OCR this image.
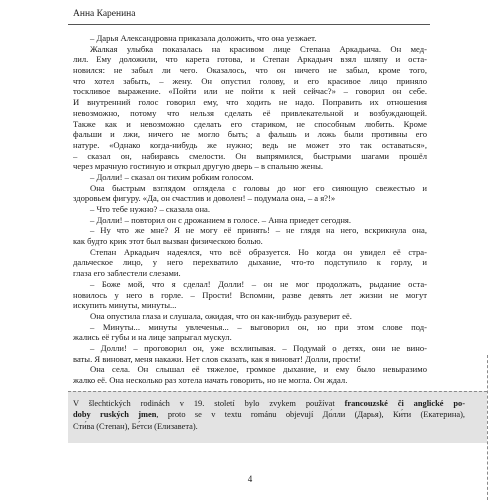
Анна Каренина
– Дарья Александровна приказала доложить, что она уезжает.
Жалкая улыбка показалась на красивом лице Степана Аркадьича. Он мед-
лил. Ему доложили, что карета готова, и Степан Аркадьич взял шляпу и оста-
новился: не забыл ли чего. Оказалось, что он ничего не забыл, кроме того,
что хотел забыть, – жену. Он опустил голову, и его красивое лицо приняло
тоскливое выражение. «Пойти или не пойти к ней сейчас?» – говорил он себе.
И внутренний голос говорил ему, что ходить не надо. Поправить их отношения
невозможно, потому что нельзя сделать её привлекательной и возбуждающей.
Также как и невозможно сделать его стариком, не способным любить. Кроме
фальши и лжи, ничего не могло быть; а фальшь и ложь были противны его
натуре. «Однако когда-нибудь же нужно; ведь не может это так оставаться»,
– сказал он, набираясь смелости. Он выпрямился, быстрыми шагами прошёл
через мрачную гостиную и открыл другую дверь – в спальню жены.
– Долли! – сказал он тихим робким голосом.
Она быстрым взглядом оглядела с головы до ног его сияющую свежестью и
здоровьем фигуру. «Да, он счастлив и доволен! – подумала она, – а я?!»
– Что тебе нужно? – сказала она.
– Долли! – повторил он с дрожанием в голосе. – Анна приедет сегодня.
– Ну что же мне? Я не могу её принять! – не глядя на него, вскрикнула она,
как будто крик этот был вызван физическою болью.
Степан Аркадьич надеялся, что всё образуется. Но когда он увидел её стра-
дальческое лицо, у него перехватило дыхание, что-то подступило к горлу, и
глаза его заблестели слезами.
– Боже мой, что я сделал! Долли! – он не мог продолжать, рыдание оста-
новилось у него в горле. – Прости! Вспомни, разве девять лет жизни не могут
искупить минуты, минуты...
Она опустила глаза и слушала, ожидая, что он как-нибудь разуверит её.
– Минуты... минуты увлеченья... – выговорил он, но при этом слове под-
жались её губы и на лице запрыгал мускул.
– Долли! – проговорил он, уже всхлипывая. – Подумай о детях, они не вино-
ваты. Я виноват, меня накажи. Нет слов сказать, как я виноват! Долли, прости!
Она села. Он слышал её тяжелое, громкое дыхание, и ему было невыразимо
жалко её. Она несколько раз хотела начать говорить, но не могла. Он ждал.
V šlechtických rodinách v 19. století bylo zvykem používat francouzské či anglické po-
doby ruských jmen, proto se v textu románu objevují До́лли (Дарья), Ки́ти (Екатерина),
Сти́ва (Степан), Бе́тси (Елизавета).
4
